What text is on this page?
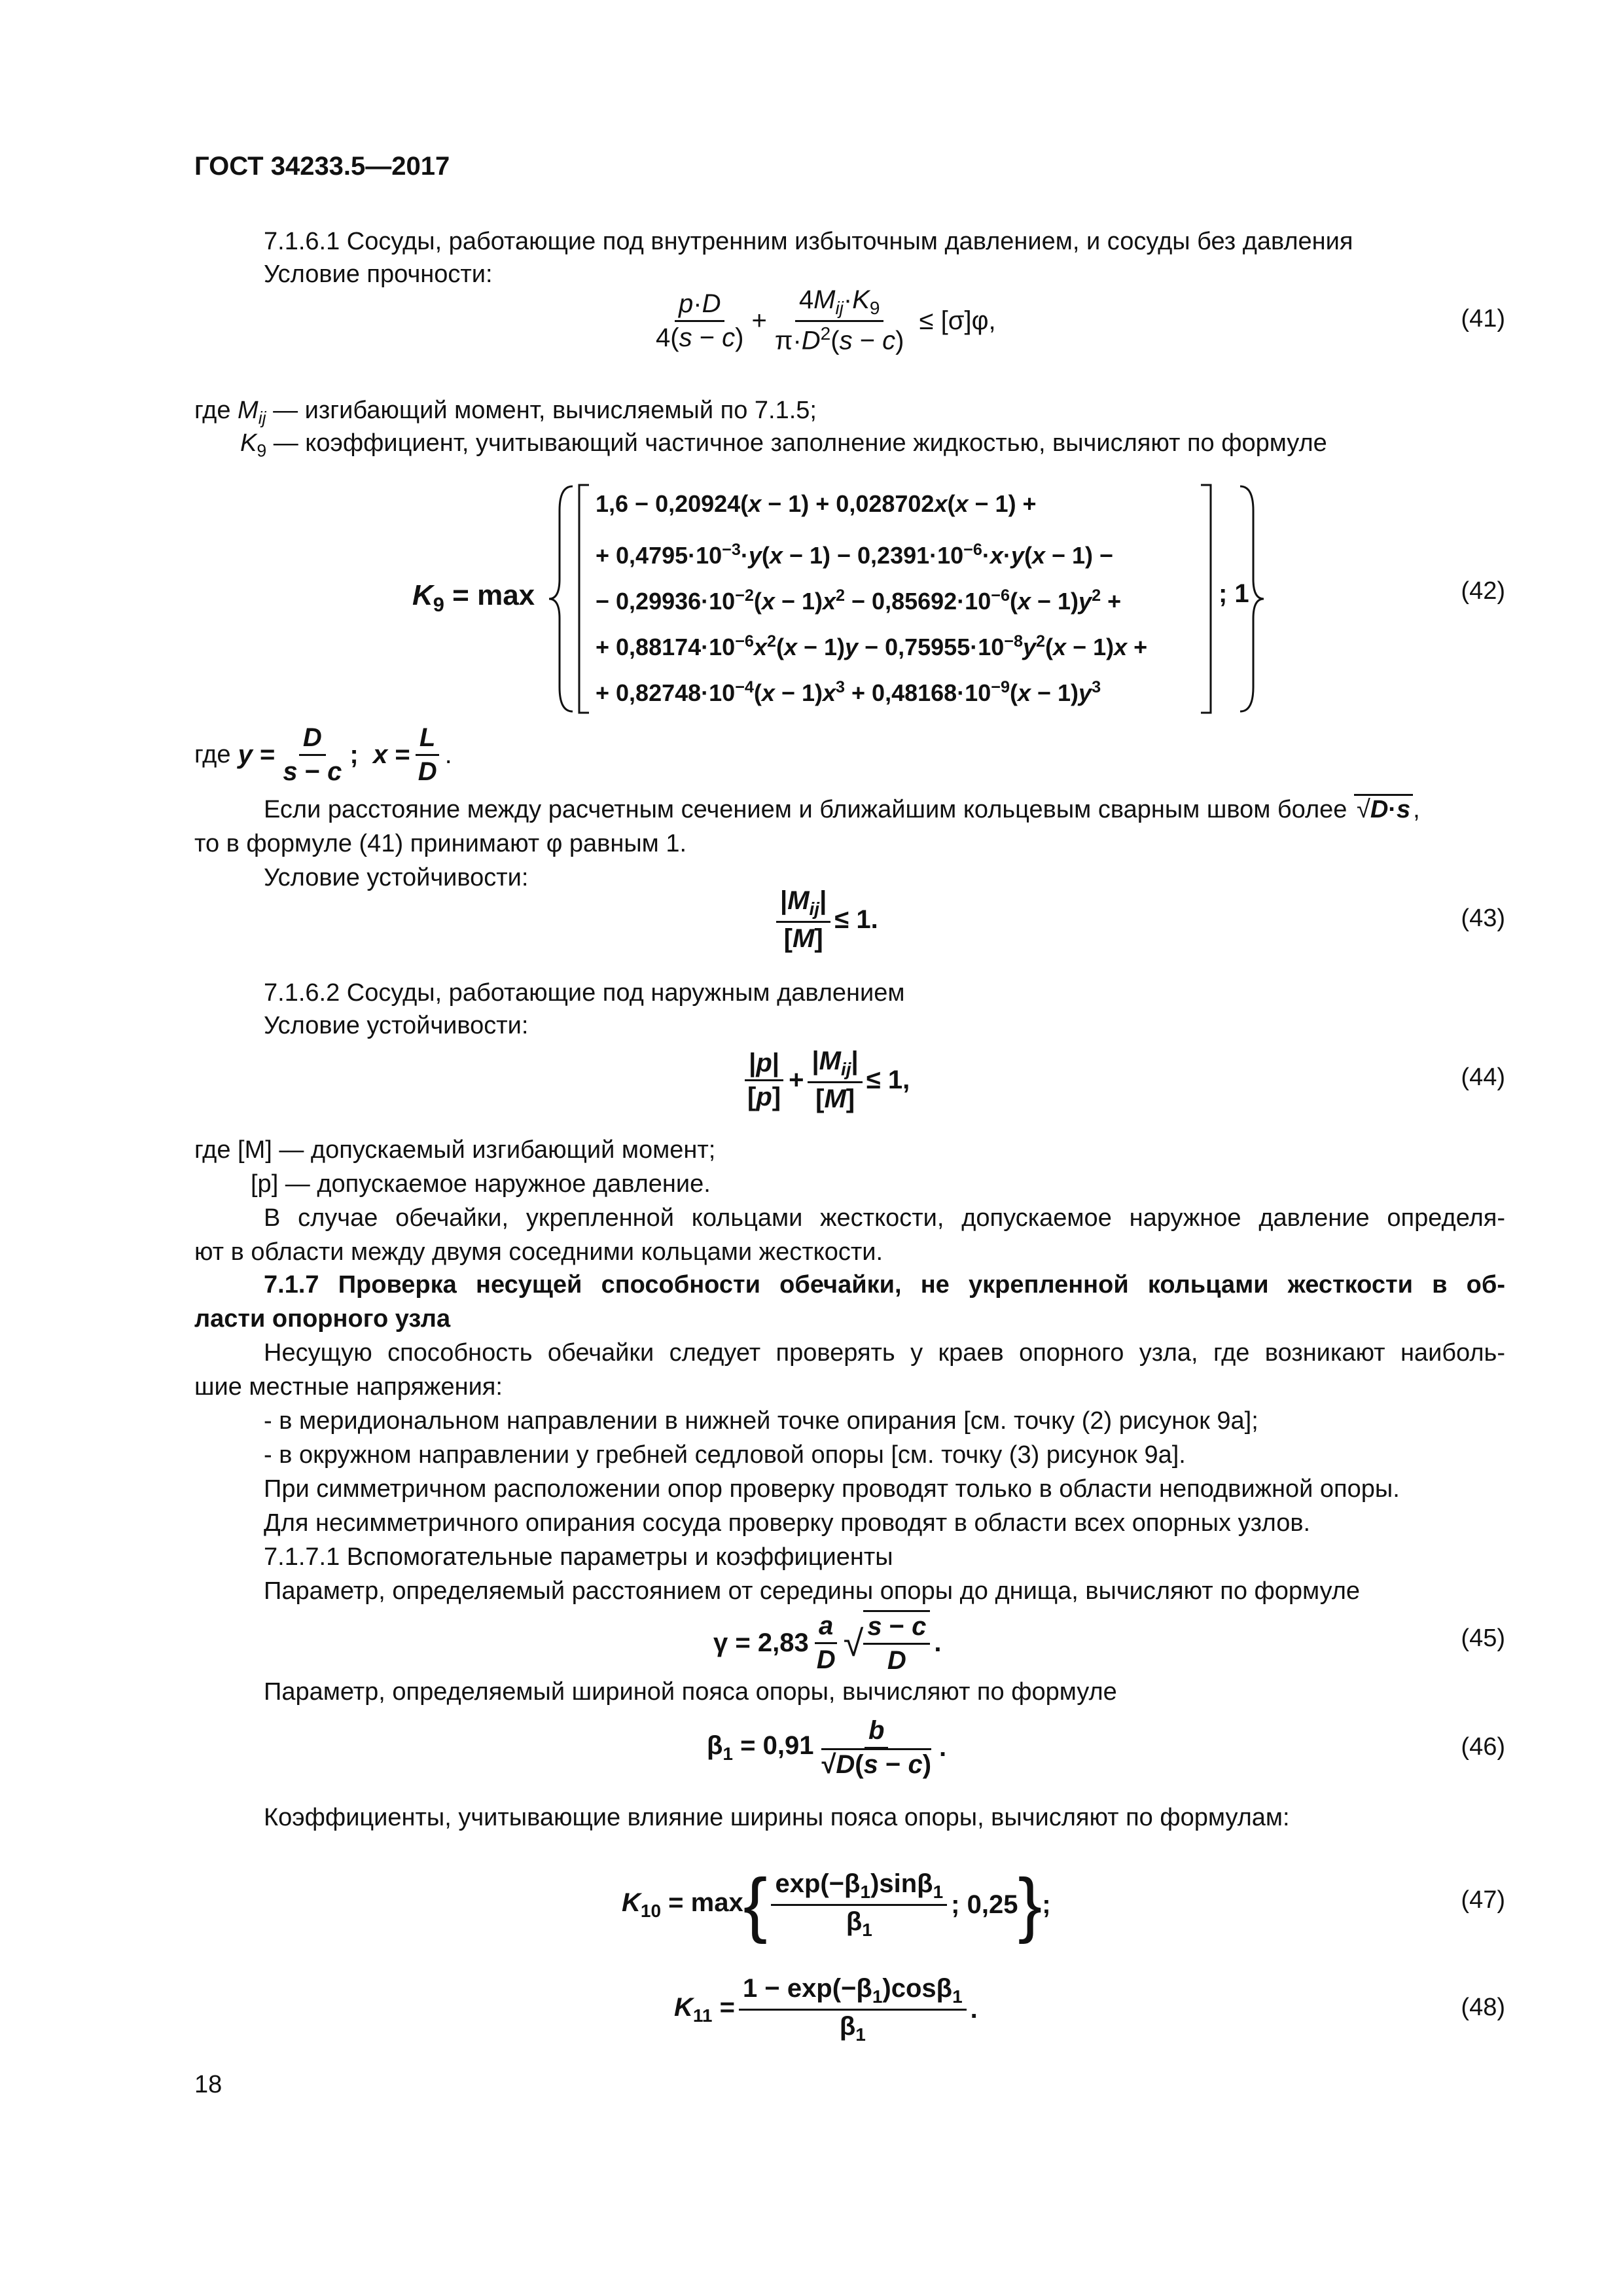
ГОСТ 34233.5—2017
7.1.6.1 Сосуды, работающие под внутренним избыточным давлением, и сосуды без давления
Условие прочности:
$\frac{p\cdot D}{4(s - c)} + \frac{4M_{ij}\cdot K_9}{\pi\cdot D^2(s - c)} \le [\sigma]\varphi$,	(41)
где $M_{ij}$ — изгибающий момент, вычисляемый по 7.1.5;
$K_9$ — коэффициент, учитывающий частичное заполнение жидкостью, вычисляют по формуле
$K_9 = \max$
1,6 − 0,20924(x − 1) + 0,028702x(x − 1) +
+ $0,4795\cdot 10^{-3}\cdot y(x - 1) - 0,2391\cdot 10^{-6}\cdot x\cdot y(x - 1)$ −
− $0,29936\cdot 10^{-2}(x - 1)x^2 - 0,85692\cdot 10^{-6}(x - 1)y^2$ +
+ $0,88174\cdot 10^{-6}x^2(x - 1)y - 0,75955\cdot 10^{-8}y^2(x - 1)x$ +
+ $0,82748\cdot 10^{-4}(x - 1)x^3 + 0,48168\cdot 10^{-9}(x - 1)y^3$
; 1	(42)
где $y = \frac{D}{s - c}$ ;  $x = \frac{L}{D}$ .
Если расстояние между расчетным сечением и ближайшим кольцевым сварным швом более √D·s ,
то в формуле (41) принимают φ равным 1.
Условие устойчивости:
$\frac{|M_{ij}|}{[M]} \le 1$.	(43)
7.1.6.2 Сосуды, работающие под наружным давлением
Условие устойчивости:
$\frac{|p|}{[p]} + \frac{|M_{ij}|}{[M]} \le 1$,	(44)
где [M] — допускаемый изгибающий момент;
[p] — допускаемое наружное давление.
В случае обечайки, укрепленной кольцами жесткости, допускаемое наружное давление определя-
ют в области между двумя соседними кольцами жесткости.
7.1.7 Проверка несущей способности обечайки, не укрепленной кольцами жесткости в об-
ласти опорного узла
Несущую способность обечайки следует проверять у краев опорного узла, где возникают наиболь-
шие местные напряжения:
- в меридиональном направлении в нижней точке опирания [см. точку (2) рисунок 9а];
- в окружном направлении у гребней седловой опоры [см. точку (3) рисунок 9а].
При симметричном расположении опор проверку проводят только в области неподвижной опоры.
Для несимметричного опирания сосуда проверку проводят в области всех опорных узлов.
7.1.7.1 Вспомогательные параметры и коэффициенты
Параметр, определяемый расстоянием от середины опоры до днища, вычисляют по формуле
$\gamma = 2,83 \frac{a}{D}$ √ $\frac{s - c}{D}$ .	(45)
Параметр, определяемый шириной пояса опоры, вычисляют по формуле
$\beta_1 = 0,91 \frac{b}{√D(s - c)}$ .	(46)
Коэффициенты, учитывающие влияние ширины пояса опоры, вычисляют по формулам:
$K_{10} = \max$ { $\frac{\exp(-\beta_1)\sin\beta_1}{\beta_1}$ ; 0,25 } ;	(47)
$K_{11} = \frac{1 - \exp(-\beta_1)\cos\beta_1}{\beta_1}$ .	(48)
18
